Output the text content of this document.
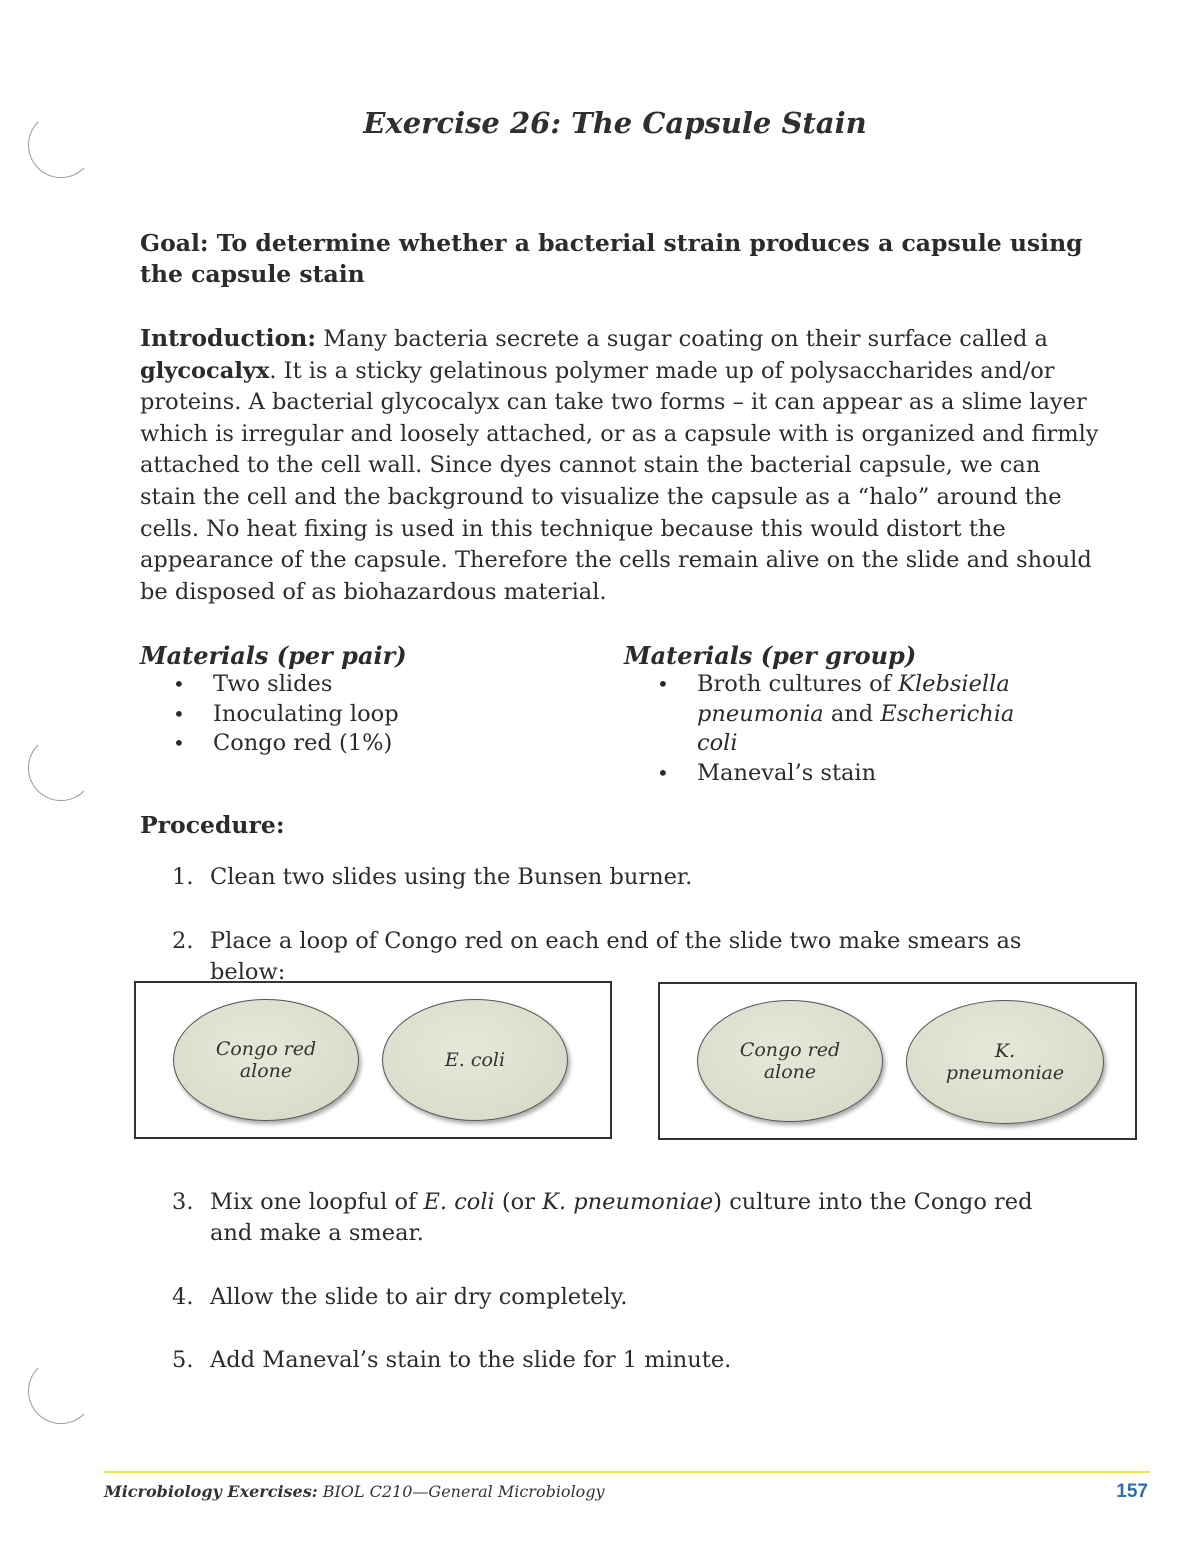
Exercise 26: The Capsule Stain
Goal: To determine whether a bacterial strain produces a capsule using the capsule stain
Introduction: Many bacteria secrete a sugar coating on their surface called a glycocalyx. It is a sticky gelatinous polymer made up of polysaccharides and/or proteins. A bacterial glycocalyx can take two forms – it can appear as a slime layer which is irregular and loosely attached, or as a capsule with is organized and firmly attached to the cell wall. Since dyes cannot stain the bacterial capsule, we can stain the cell and the background to visualize the capsule as a “halo” around the cells. No heat fixing is used in this technique because this would distort the appearance of the capsule. Therefore the cells remain alive on the slide and should be disposed of as biohazardous material.
Materials (per pair)
• Two slides
• Inoculating loop
• Congo red (1%)
Materials (per group)
• Broth cultures of Klebsiella pneumonia and Escherichia coli
• Maneval’s stain
Procedure:
1. Clean two slides using the Bunsen burner.
2. Place a loop of Congo red on each end of the slide two make smears as below:
Congo red
alone	E. coli	Congo red
alone
K.
pneumoniae
3. Mix one loopful of E. coli (or K. pneumoniae) culture into the Congo red and make a smear.
4. Allow the slide to air dry completely.
5. Add Maneval’s stain to the slide for 1 minute.
Microbiology Exercises: BIOL C210—General Microbiology	157
